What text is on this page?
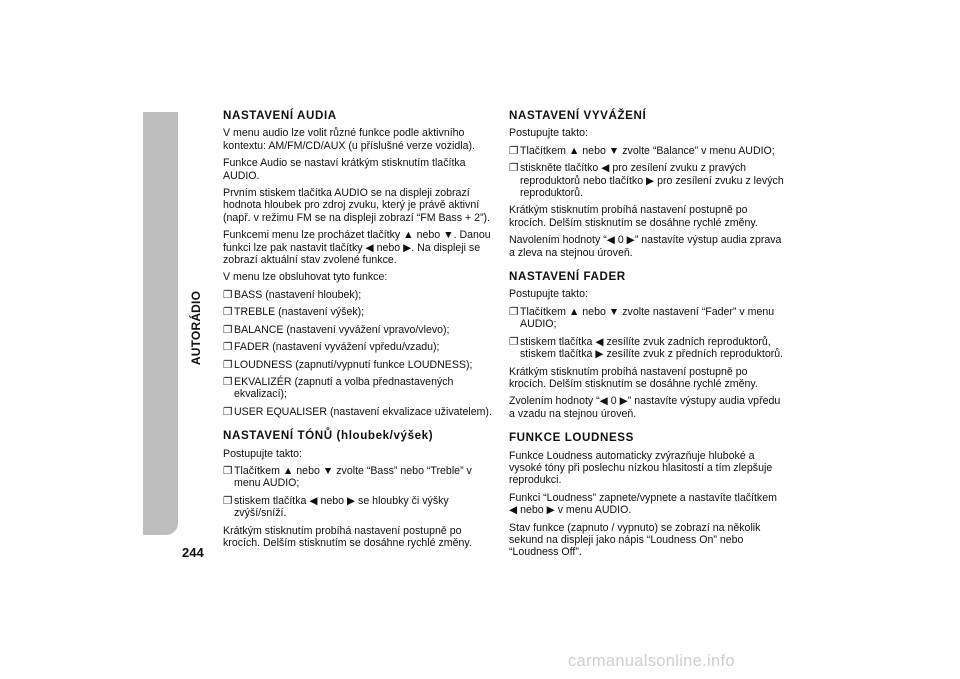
AUTORÁDIO
244
NASTAVENÍ AUDIA

V menu audio lze volit různé funkce podle aktivního kontextu: AM/FM/CD/AUX (u příslušné verze vozidla).

Funkce Audio se nastaví krátkým stisknutím tlačítka AUDIO.

Prvním stiskem tlačítka AUDIO se na displeji zobrazí hodnota hloubek pro zdroj zvuku, který je právě aktivní (např. v režimu FM se na displeji zobrazí “FM Bass + 2”).

Funkcemi menu lze procházet tlačítky ▲ nebo ▼. Danou funkci lze pak nastavit tlačítky ◀ nebo ▶. Na displeji se zobrazí aktuální stav zvolené funkce.

V menu lze obsluhovat tyto funkce:

❐ BASS (nastavení hloubek);
❐ TREBLE (nastavení výšek);
❐ BALANCE (nastavení vyvážení vpravo/vlevo);
❐ FADER (nastavení vyvážení vpředu/vzadu);
❐ LOUDNESS (zapnutí/vypnutí funkce LOUDNESS);
❐ EKVALIZÉR (zapnutí a volba přednastavených ekvalizací);
❐ USER EQUALISER (nastavení ekvalizace uživatelem).
NASTAVENÍ TÓNŮ (hloubek/výšek)

Postupujte takto:

❐ Tlačítkem ▲ nebo ▼ zvolte “Bass” nebo “Treble” v menu AUDIO;
❐ stiskem tlačítka ◀ nebo ▶ se hloubky či výšky zvýší/sníží.

Krátkým stisknutím probíhá nastavení postupně po krocích. Delším stisknutím se dosáhne rychlé změny.

NASTAVENÍ VYVÁŽENÍ

Postupujte takto:

❐ Tlačítkem ▲ nebo ▼ zvolte “Balance” v menu AUDIO;
❐ stiskněte tlačítko ◀ pro zesílení zvuku z pravých reproduktorů nebo tlačítko ▶ pro zesílení zvuku z levých reproduktorů.

Krátkým stisknutím probíhá nastavení postupně po krocích. Delším stisknutím se dosáhne rychlé změny.

Navolením hodnoty “◀ 0 ▶” nastavíte výstup audia zprava a zleva na stejnou úroveň.

NASTAVENÍ FADER

Postupujte takto:

❐ Tlačítkem ▲ nebo ▼ zvolte nastavení “Fader” v menu AUDIO;
❐ stiskem tlačítka ◀ zesílíte zvuk zadních reproduktorů, stiskem tlačítka ▶ zesílíte zvuk z předních reproduktorů.

Krátkým stisknutím probíhá nastavení postupně po krocích. Delším stisknutím se dosáhne rychlé změny.

Zvolením hodnoty “◀ 0 ▶” nastavíte výstupy audia vpředu a vzadu na stejnou úroveň.

FUNKCE LOUDNESS

Funkce Loudness automaticky zvýrazňuje hluboké a vysoké tóny při poslechu nízkou hlasitostí a tím zlepšuje reprodukci.

Funkci “Loudness” zapnete/vypnete a nastavíte tlačítkem ◀ nebo ▶ v menu AUDIO.

Stav funkce (zapnuto / vypnuto) se zobrazí na několik sekund na displeji jako nápis “Loudness On” nebo “Loudness Off”.

carmanualsonline.info
